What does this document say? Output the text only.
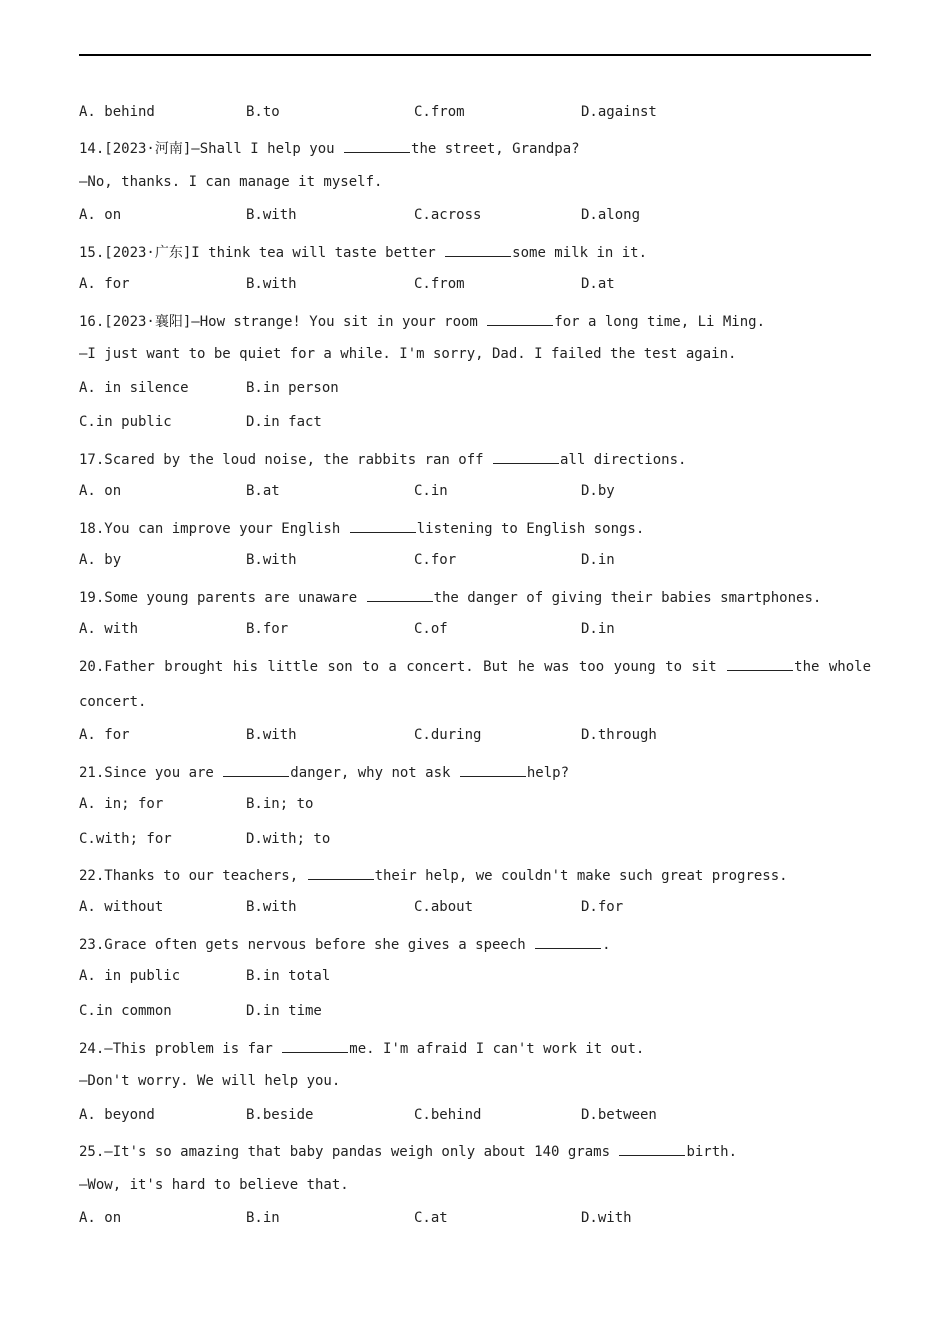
A. behind	B.to	C.from	D.against
14.[2023·河南]—Shall I help you	the street, Grandpa?
—No, thanks. I can manage it myself.
A. on	B.with	C.across	D.along
15.[2023·广东]I think tea will taste better	some milk in it.
A. for	B.with	C.from	D.at
16.[2023·襄阳]—How strange! You sit in your room	for a long time, Li Ming.
—I just want to be quiet for a while. I'm sorry, Dad. I failed the test again.
A. in silence	B.in person
C.in public	D.in fact
17.Scared by the loud noise, the rabbits ran off	all directions.
A. on	B.at	C.in	D.by
18.You can improve your English	listening to English songs.
A. by	B.with	C.for	D.in
19.Some young parents are unaware	the danger of giving their babies smartphones.
A. with	B.for	C.of	D.in
20.Father brought his little son to a concert. But he was too young to sit	the whole
concert.
A. for	B.with	C.during	D.through
21.Since you are	danger, why not ask	help?
A. in; for	B.in; to
C.with; for	D.with; to
22.Thanks to our teachers,	their help, we couldn't make such great progress.
A. without	B.with	C.about	D.for
23.Grace often gets nervous before she gives a speech	.
A. in public	B.in total
C.in common	D.in time
24.—This problem is far	me. I'm afraid I can't work it out.
—Don't worry. We will help you.
A. beyond	B.beside	C.behind	D.between
25.—It's so amazing that baby pandas weigh only about 140 grams	birth.
—Wow, it's hard to believe that.
A. on	B.in	C.at	D.with
